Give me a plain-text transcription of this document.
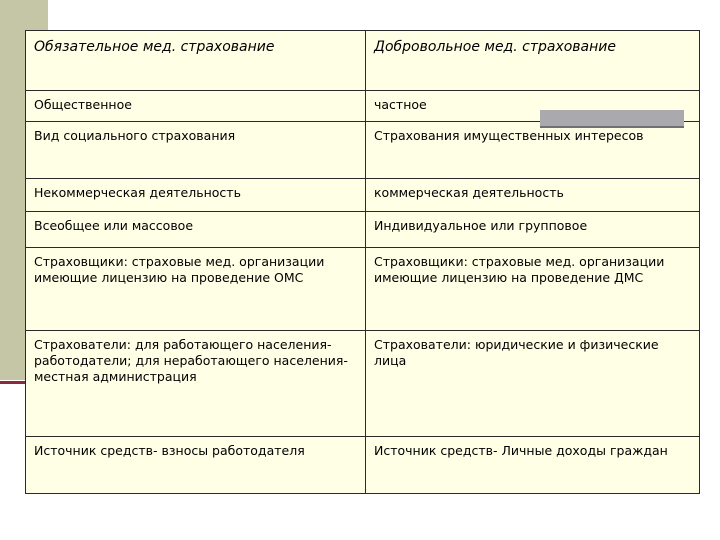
Обязательное мед. страхование	Добровольное мед. страхование
Общественное	частное
Вид социального страхования	Страхования имущественных интересов
Некоммерческая деятельность	коммерческая деятельность
Всеобщее или массовое	Индивидуальное или групповое
Страховщики: страховые мед. организации имеющие лицензию на проведение ОМС	Страховщики: страховые мед. организации имеющие лицензию на проведение ДМС
Страхователи: для работающего населения- работодатели; для неработающего населения- местная администрация	Страхователи: юридические и физические лица
Источник средств- взносы работодателя	Источник средств- Личные доходы граждан
